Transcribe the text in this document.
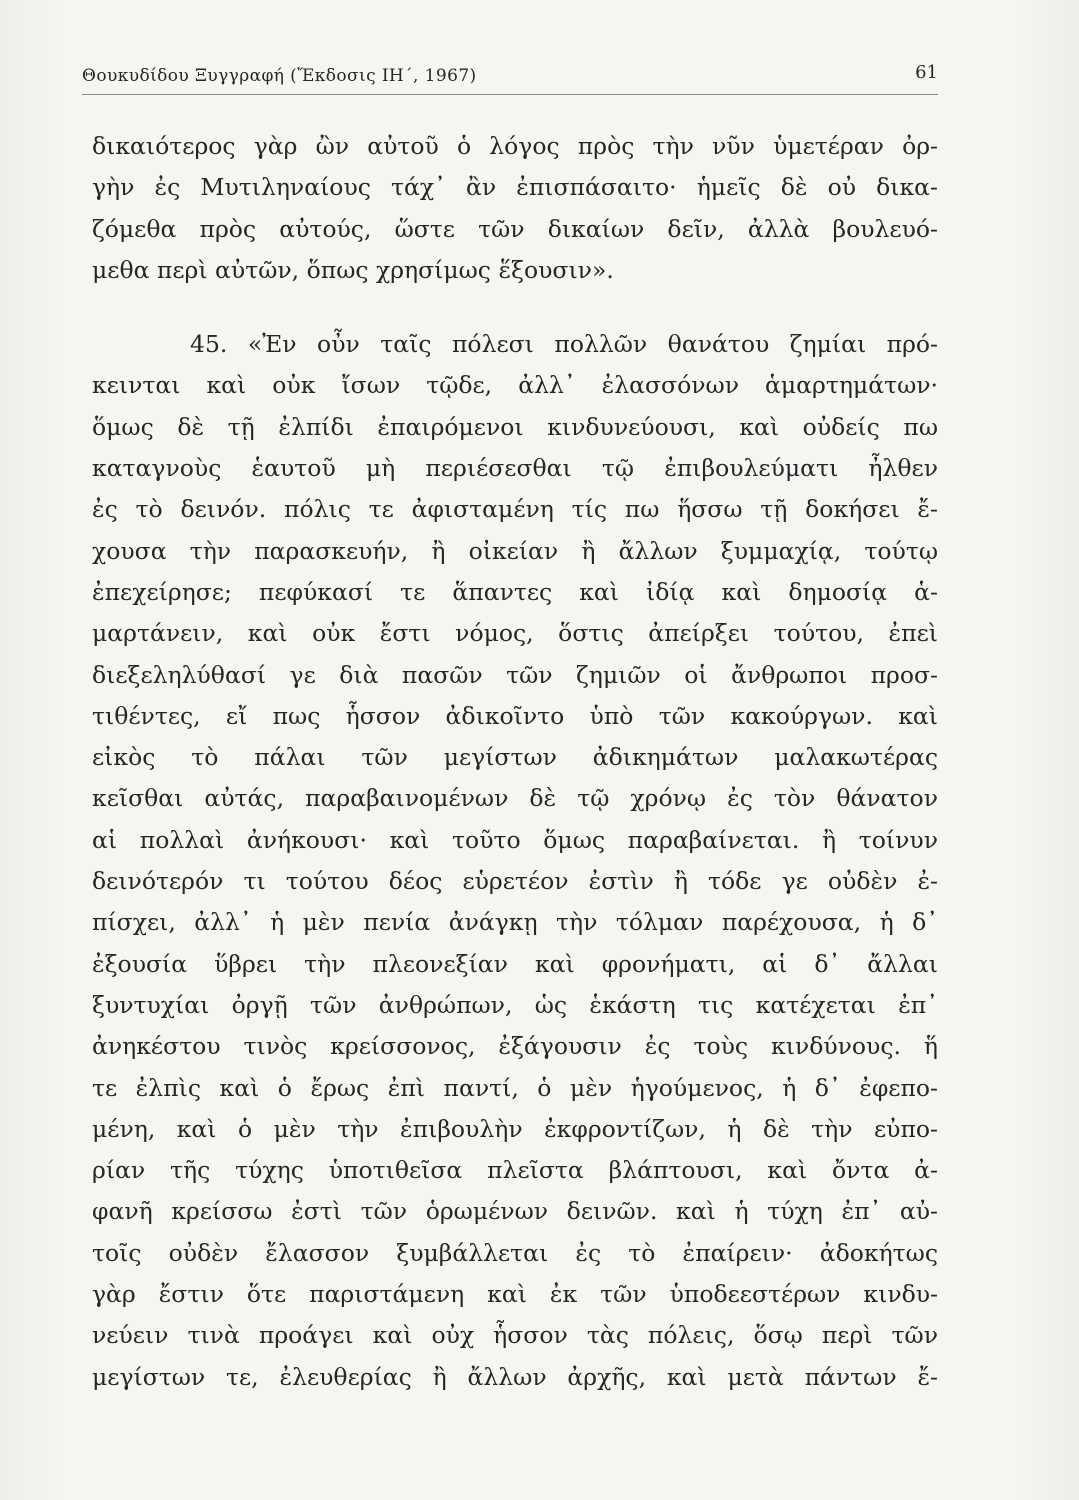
Θουκυδίδου Ξυγγραφή (Ἔκδοσις ΙΗ΄, 1967)	61
δικαιότερος γὰρ ὢν αὐτοῦ ὁ λόγος πρὸς τὴν νῦν ὑμετέραν ὀρ-
γὴν ἐς Μυτιληναίους τάχ᾽ ἂν ἐπισπάσαιτο· ἡμεῖς δὲ οὐ δικα-
ζόμεθα πρὸς αὐτούς, ὥστε τῶν δικαίων δεῖν, ἀλλὰ βουλευό-
μεθα περὶ αὐτῶν, ὅπως χρησίμως ἕξουσιν».
45. «Ἐν οὖν ταῖς πόλεσι πολλῶν θανάτου ζημίαι πρό-
κεινται καὶ οὐκ ἴσων τῷδε, ἀλλ᾽ ἐλασσόνων ἁμαρτημάτων·
ὅμως δὲ τῇ ἐλπίδι ἐπαιρόμενοι κινδυνεύουσι, καὶ οὐδείς πω
καταγνοὺς ἑαυτοῦ μὴ περιέσεσθαι τῷ ἐπιβουλεύματι ἦλθεν
ἐς τὸ δεινόν. πόλις τε ἀφισταμένη τίς πω ἥσσω τῇ δοκήσει ἔ-
χουσα τὴν παρασκευήν, ἢ οἰκείαν ἢ ἄλλων ξυμμαχίᾳ, τούτῳ
ἐπεχείρησε; πεφύκασί τε ἅπαντες καὶ ἰδίᾳ καὶ δημοσίᾳ ἁ-
μαρτάνειν, καὶ οὐκ ἔστι νόμος, ὅστις ἀπείρξει τούτου, ἐπεὶ
διεξεληλύθασί γε διὰ πασῶν τῶν ζημιῶν οἱ ἄνθρωποι προσ-
τιθέντες, εἴ πως ἧσσον ἀδικοῖντο ὑπὸ τῶν κακούργων. καὶ
εἰκὸς τὸ πάλαι τῶν μεγίστων ἀδικημάτων μαλακωτέρας
κεῖσθαι αὐτάς, παραβαινομένων δὲ τῷ χρόνῳ ἐς τὸν θάνατον
αἱ πολλαὶ ἀνήκουσι· καὶ τοῦτο ὅμως παραβαίνεται. ἢ τοίνυν
δεινότερόν τι τούτου δέος εὑρετέον ἐστὶν ἢ τόδε γε οὐδὲν ἐ-
πίσχει, ἀλλ᾽ ἡ μὲν πενία ἀνάγκῃ τὴν τόλμαν παρέχουσα, ἡ δ᾽
ἐξουσία ὕβρει τὴν πλεονεξίαν καὶ φρονήματι, αἱ δ᾽ ἄλλαι
ξυντυχίαι ὀργῇ τῶν ἀνθρώπων, ὡς ἑκάστη τις κατέχεται ἐπ᾽
ἀνηκέστου τινὸς κρείσσονος, ἐξάγουσιν ἐς τοὺς κινδύνους. ἥ
τε ἐλπὶς καὶ ὁ ἔρως ἐπὶ παντί, ὁ μὲν ἡγούμενος, ἡ δ᾽ ἐφεπο-
μένη, καὶ ὁ μὲν τὴν ἐπιβουλὴν ἐκφροντίζων, ἡ δὲ τὴν εὐπο-
ρίαν τῆς τύχης ὑποτιθεῖσα πλεῖστα βλάπτουσι, καὶ ὄντα ἀ-
φανῆ κρείσσω ἐστὶ τῶν ὁρωμένων δεινῶν. καὶ ἡ τύχη ἐπ᾽ αὐ-
τοῖς οὐδὲν ἔλασσον ξυμβάλλεται ἐς τὸ ἐπαίρειν· ἀδοκήτως
γὰρ ἔστιν ὅτε παριστάμενη καὶ ἐκ τῶν ὑποδεεστέρων κινδυ-
νεύειν τινὰ προάγει καὶ οὐχ ἧσσον τὰς πόλεις, ὅσῳ περὶ τῶν
μεγίστων τε, ἐλευθερίας ἢ ἄλλων ἀρχῆς, καὶ μετὰ πάντων ἔ-
